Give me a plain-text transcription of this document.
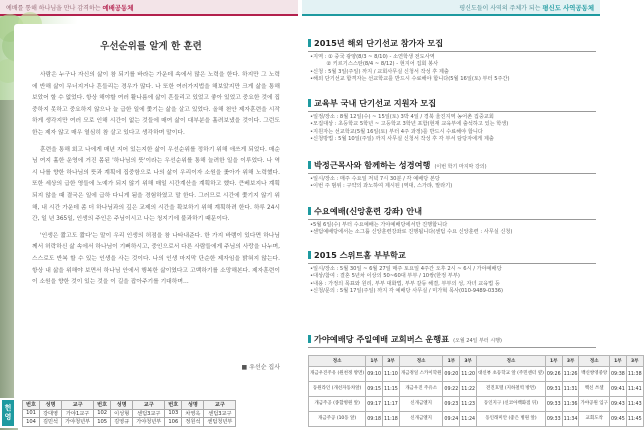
예배를 통해 하나님을 만나 감격하는 예배공동체
우선순위를 알게 한 훈련

사람은 누구나 자신의 삶이 참 되기를 바라는 가운데 속에서 많은 노력을 한다. 하지만 그 노력에 반해 삶이 무너지거나 흔들리는 경우가 많다. 나 또한 여러가지법을 해보았지만 크게 삶을 통해보았어 할 수 없었다. 항상 해야할 여러 활나름에 삶이 흔들리고 있었고 좋아 있었고 중요한 것에 집중하지 못하고 중요하지 않으나 늘 급한 일에 쫓기는 삶을 살고 있었다. 올해 천안 제자훈련을 시작하게 생각지만 여러 모로 인해 시간이 없는 것들에 매여 삶이 대부분을 흘려보냈을 것이다. 그런도 한는 제자 않고 매우 열심히 참 살고 있다고 생각하며 말이다.

훈련을 통해 회고 나에게 매년 지어 있는지한 삶이 우선순위를 정하기 위해 애쓰게 되었다. 매순님 여지 훌한 운영에 거진 몸된 '하나님의 뜻'이라는 우선순위를 통해 늘려한 일을 이루었다. 나 역시 나를 향한 하나님의 뜻과 계획에 집중함으로 나의 삶이 우리이자 소원을 좇아가 위해 노력했다. 또한 세상의 급한 영들에 노예가 되지 않기 위해 매일 시간계산을 계획하고 했다. 큰베보지나 계획되지 않을 때 결국은 일에 급하 다니게 됨을 경험하였고 말 한다. 그러므로 시간에 쫓기지 않기 위해, 내 시간 가운데 좀 더 하나님과의 깊은 교제의 시간을 확보하기 위해 계획하려 한다. 하루 24시간, 일 년 365일, 인생의 주인은 주님이시고 나는 청지기에 불과하기 때문이다.

'인생은 짧고도 짧다'는 말이 우리 인생의 허점을 참 나타내준다. 한 가지 바램이 있다면 하나님께서 허락하신 삶 속에서 하나님이 기뻐하시고, 중인으로서 다른 사람들에게 주님의 사랑을 나누며, 스스로도 반복 할 수 있는 인생을 사는 것이다. 나의 인생 마지막 단순한 제자임을 밝혀지 않는다. 항상 내 삶을 위해야 보면서 하나님 안에서 행복한 삶이였다고 고백하기를 소망해본다. 제자훈련이 이 소원을 향한 것이 있는 것을 이 길을 잡아주기를 기대하며…

■ 우선순 집사
헌
영
번호	성명	교구	번호	성명	교구	번호	성명	교구
101	강대영	가야1교구	102	이성형	센텀3교구	103	차영옥	센텀3교구
104	김민석	가야청년부	105	김영규	가야청년부	106	정원석	센텀청년부
평신도들이 사역의 주체가 되는 평신도 사역공동체
2015년 해외 단기선교 참가자 모집
•지역 : ① 중국 광양(8/3 ~ 8/10) - 소연학생 전도사역
② 키르기스스탄(8/4 ~ 8/12) - 현지어 집회 봉사
•신청 : 5월 3일(주일) 까지 / 교회사무실 신청서 작성 후 제출
•해외 단기선교 합격자는 선교학교를 반드시 수료해야 합니다(5월 16일(토) 부터 5주간)
교육부 국내 단기선교 지원자 모집
•일정/장소 : 8월 12일(수) ~ 15일(토) 3박 4일 / 경북 울진지역 농어촌 집중교회
•모집대상 : 초등학교 5학년 ~ 고등학교 3학년 포함(현재 교육부에 출석하고 있는 학생)
•지원자는 선교학교(5월 16일(토) 부터 4주 과정)를 반드시 수료해야 합니다
•신청방법 : 5월 10일(주일) 까지 사무실 신청서 작성 후 각 부서 담당자에게 제출
박정근목사와 함께하는 성경여행 (이번 학기 마지막 강의)
•일시/장소 : 매주 수요일 저녁 7시 30분 / 각 예배당 본당
•이번 주 범위 : 구약의 과노하여 제시된 (역대, 스가랴, 말라기)
수요예배(신앙훈련 강좌) 안내
•5월 6일(수) 부터 수요예배는 가야예배당에서만 진행합니다
•센텀예배당에서는 소그룹 신앙훈련강좌로 진행됩니다(센텀 수요 신앙훈련 : 사무실 신청)
2015 스위트홈 부부학교
•일시/장소 : 5월 30일 ~ 6월 27일 매주 토요일 4주간 오후 2시 ~ 6시 / 가야예배당
•대상/참여 : 결혼 5년차 이상의 50~60대 부부 / 10쌍(한정 부부)
•내용 : 가정의 목표와 원리, 부부 대화법, 부부 갈등 해결, 부부의 성, 자녀 교육법 등
•신청/문의 : 5월 17일(주일) 까지 각 예배당 사무실 / 미가혁 목사(010-9489-0336)
가야예배당 주일예배 교회버스 운행표 (오월 24일 부터 시행)
정소	1부	3부	정소	1부	3부	정소	1부	3부	정소	1부	3부
개금우진주유 (원천정 방면)	09:10	11:10	개금정일 스카이학원	09:20	11:20	대신뷰 초등학교 앞 (주민센터 옆)	09:26	11:26	백신쌍영중앙	09:38	11:38
동원라인 (개선자동차앞)	09:15	11:15	개금우진 주유소	09:22	11:22	전진호텔 (지하철역 방면)	09:31	11:31	백신 쓰셀	09:41	11:41
개금주공 (종합병원 앞)	09:17	11:17	신개금엘지	09:23	11:23	동인지구 (신코아백화점 뒤)	09:33	11:36	가야공원 입구	09:43	11:43
개금주공 (10동 앞)	09:18	11:18	신개금엘지	09:24	11:24	동인래미안 (좋은 병원 앞)	09:33	11:34	교회도착	09:45	11:45
